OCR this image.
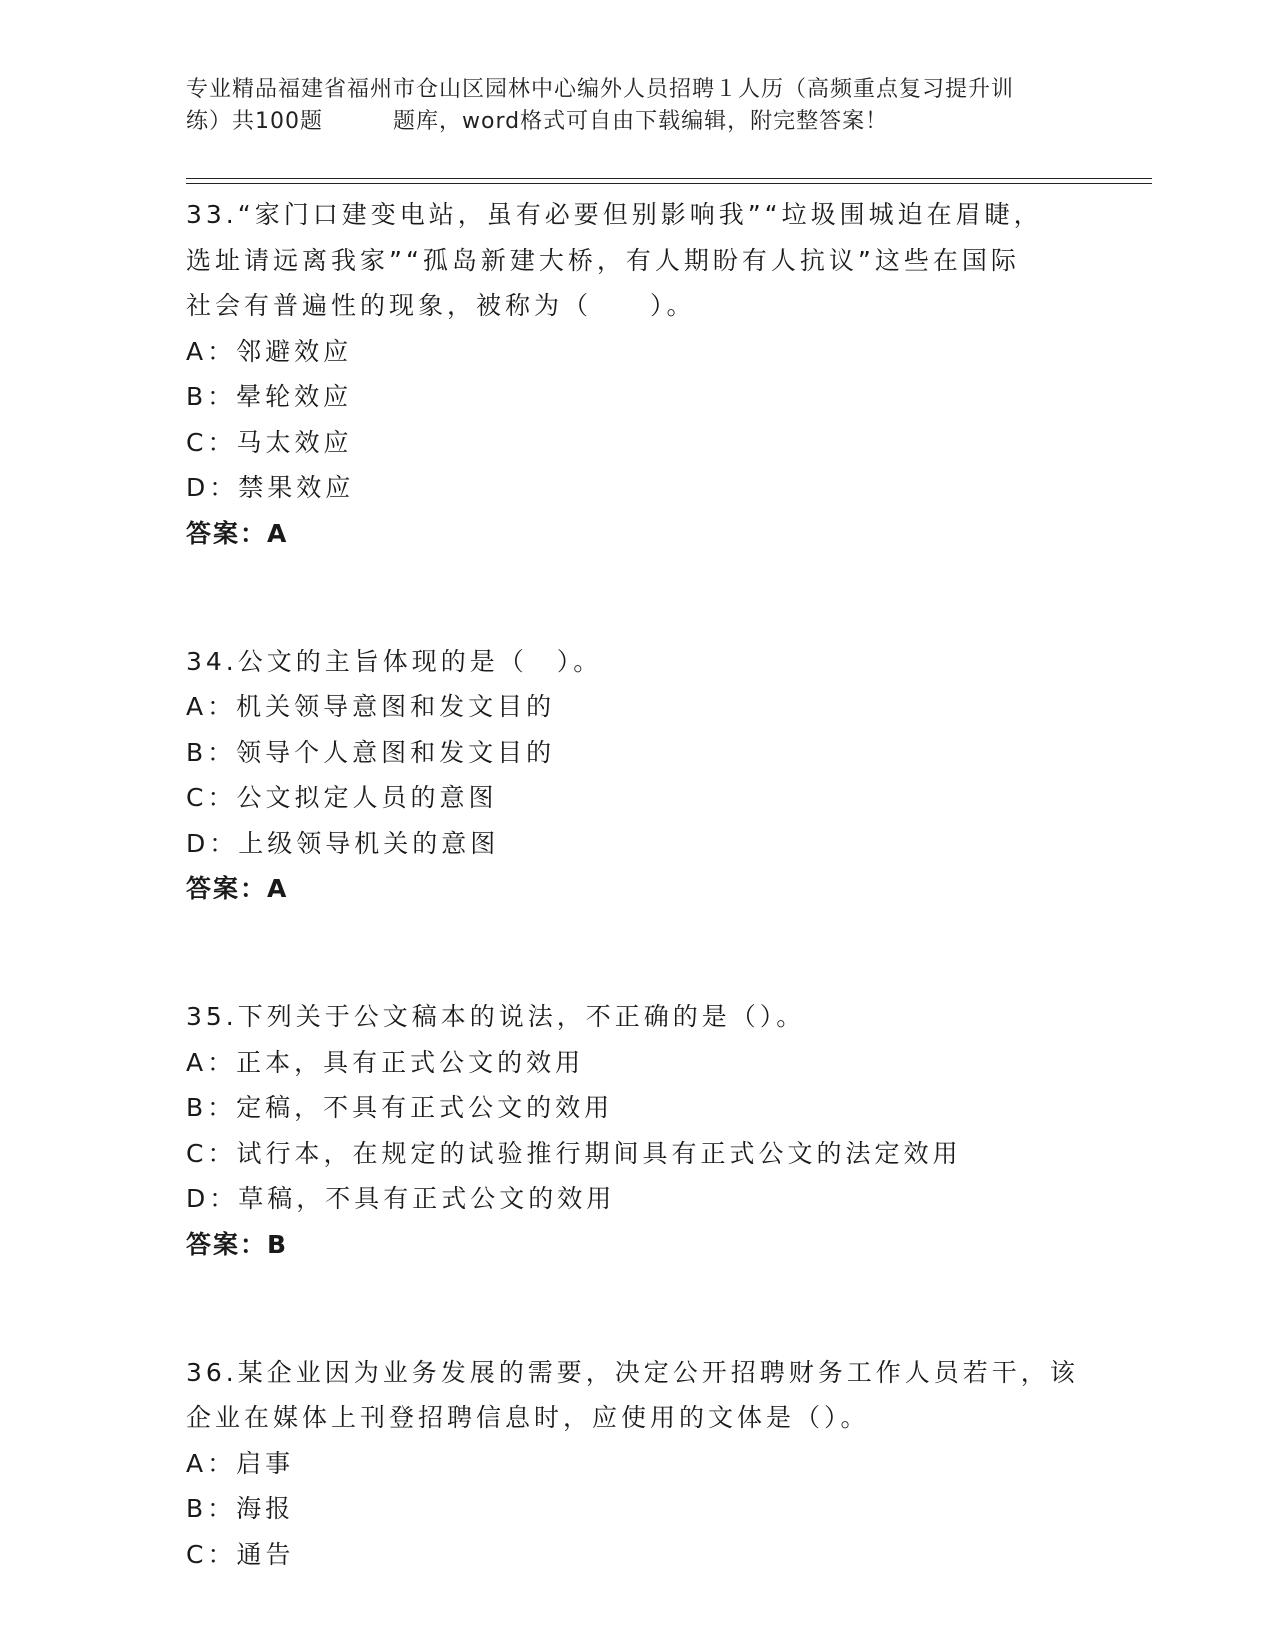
专业精品福建省福州市仓山区园林中心编外人员招聘１人历（高频重点复习提升训
练）共100题	题库，word格式可自由下载编辑，附完整答案！

33.“家门口建变电站，虽有必要但别影响我”“垃圾围城迫在眉睫，

选址请远离我家”“孤岛新建大桥，有人期盼有人抗议”这些在国际

社会有普遍性的现象，被称为（　　）。

A：邻避效应

B：晕轮效应

C：马太效应

D：禁果效应

答案：A

34.公文的主旨体现的是（　）。

A：机关领导意图和发文目的

B：领导个人意图和发文目的

C：公文拟定人员的意图

D：上级领导机关的意图

答案：A

35.下列关于公文稿本的说法，不正确的是（）。

A：正本，具有正式公文的效用

B：定稿，不具有正式公文的效用

C：试行本，在规定的试验推行期间具有正式公文的法定效用

D：草稿，不具有正式公文的效用

答案：B

36.某企业因为业务发展的需要，决定公开招聘财务工作人员若干，该

企业在媒体上刊登招聘信息时，应使用的文体是（）。

A：启事

B：海报

C：通告
